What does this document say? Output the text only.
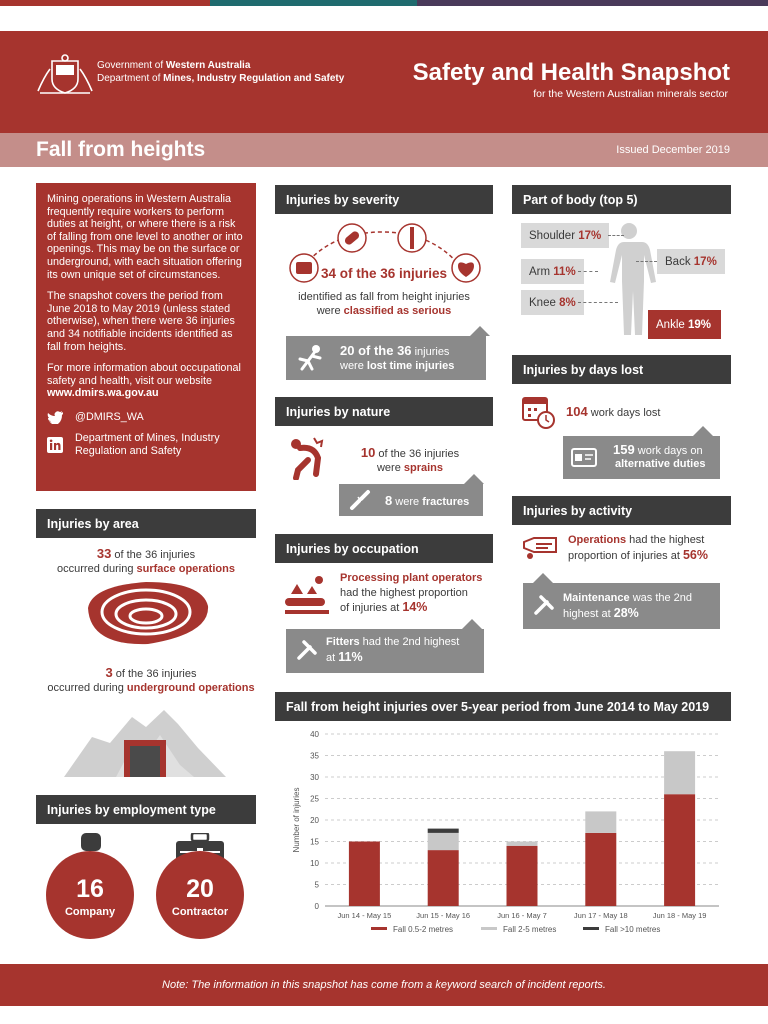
Government of Western Australia
Department of Mines, Industry Regulation and Safety	Safety and Health Snapshot
for the Western Australian minerals sector
Fall from heights	Issued December 2019

Mining operations in Western Australia frequently require workers to perform duties at height, or where there is a risk of falling from one level to another or into openings. This may be on the surface or underground, with each situation offering its own unique set of circumstances.

The snapshot covers the period from June 2018 to May 2019 (unless stated otherwise), when there were 36 injuries and 34 notifiable incidents identified as fall from heights.

For more information about occupational safety and health, visit our website www.dmirs.wa.gov.au

@DMIRS_WA
Department of Mines, Industry Regulation and Safety
Injuries by area
33 of the 36 injuries
occurred during surface operations
3 of the 36 injuries
occurred during underground operations
Injuries by employment type
16
Company
20
Contractor
Injuries by severity
34 of the 36 injuries
identified as fall from height injuries
were classified as serious
20 of the 36 injuries
were lost time injuries
Injuries by nature
10 of the 36 injuries
were sprains
8 were fractures
Injuries by occupation
Processing plant operators
had the highest proportion
of injuries at 14%
Fitters had the 2nd highest
at 11%
Part of body (top 5)
Shoulder
17%
Arm
11%
Knee
8%
Back
17%
Ankle
19%
Injuries by days lost
104 work days lost
159 work days on
alternative duties
Injuries by activity
Operations had the highest
proportion of injuries at 56%
Maintenance was the 2nd
highest at 28%
Fall from height injuries over 5-year period from June 2014 to May 2019
0
5
10
15
20
25
30
35
40
Number of injuries
Jun 14 - May 15	Jun 15 - May 16	Jun 16 - May 7	Jun 17 - May 18	Jun 18 - May 19
Fall 0.5-2 metres	Fall 2-5 metres	Fall >10 metres
Note: The information in this snapshot has come from a keyword search of incident reports.
